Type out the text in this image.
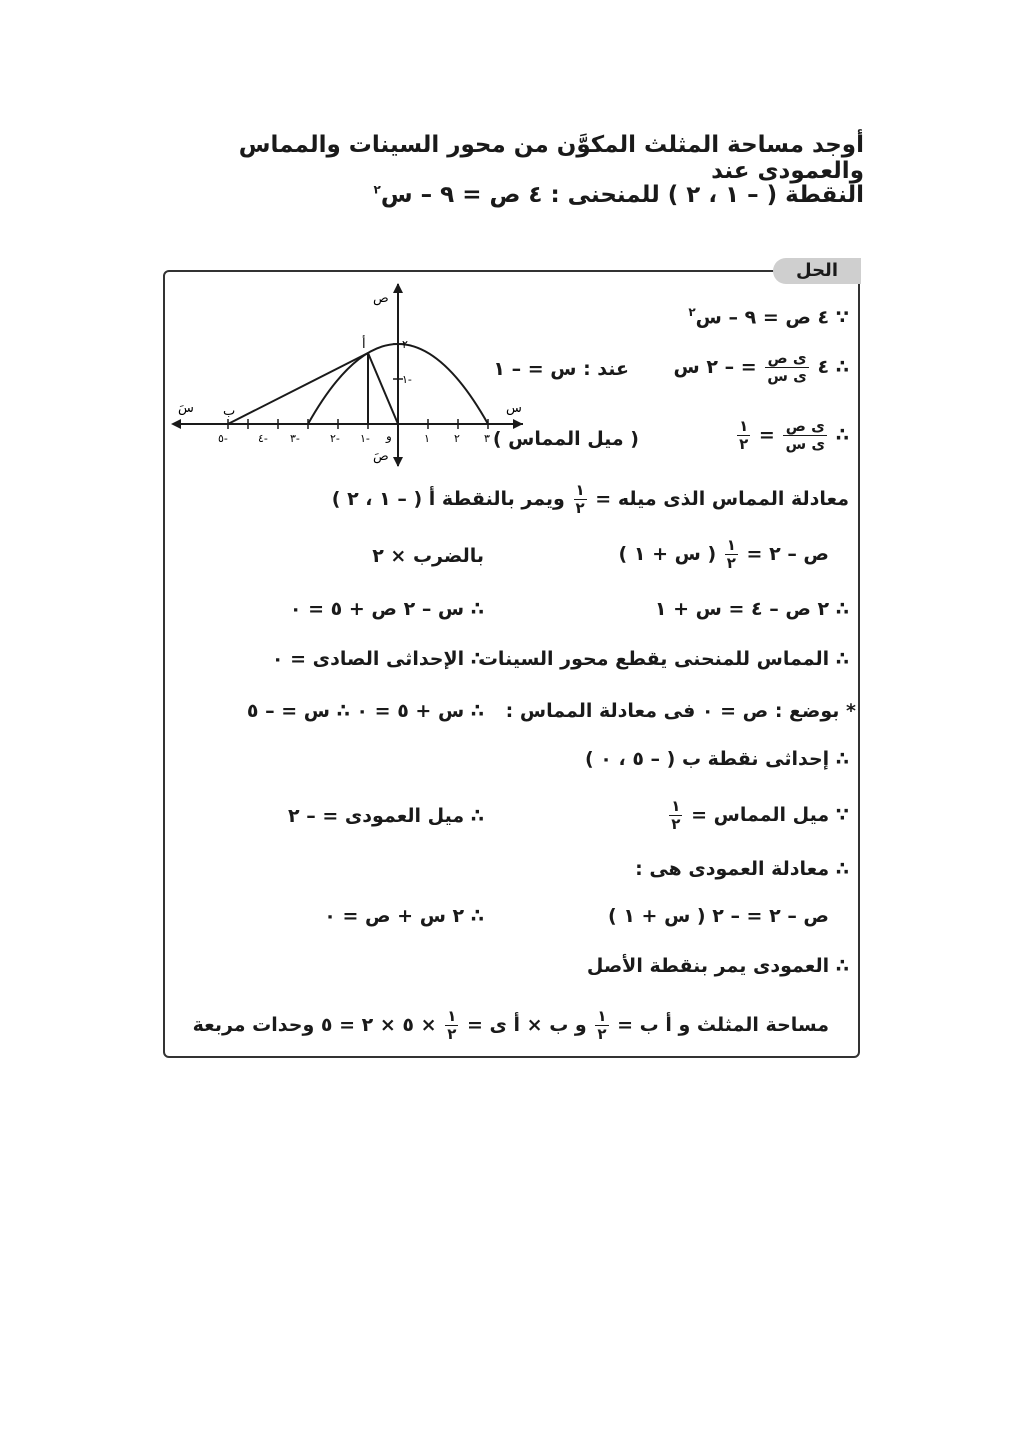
أوجد مساحة المثلث المكوَّن من محور السينات والمماس والعمودى عند
النقطة ( – ١ ، ٢ ) للمنحنى : ٤ ص = ٩ – س$^٢$
الحل
ص
صَ
س
سَ
أ
ب
و	٣
٢
١
١-
٢-
٣-
٤-
٥-
٢-
١-
∵ ٤ ص = ٩ – س$^٢$
∴ ٤
$\frac{\text{ى ص}}{\text{ى س}}$
= – ٢ س
عند : س = – ١
∴
$\frac{\text{ى ص}}{\text{ى س}}$
=
$\frac{١}{٢}$
( ميل المماس )
معادلة المماس الذى ميله =
$\frac{١}{٢}$
ويمر بالنقطة أ ( – ١ ، ٢ )
ص – ٢ =
$\frac{١}{٢}$
( س + ١ )
بالضرب × ٢
∴ ٢ ص – ٤ = س + ١
∴ س – ٢ ص + ٥ = ٠
∴ المماس للمنحنى يقطع محور السينات
∴ الإحداثى الصادى = ٠
* بوضع : ص = ٠ فى معادلة المماس :
∴ س + ٥ = ٠ ∴ س = – ٥
∴ إحداثى نقطة ب ( – ٥ ، ٠ )
∵ ميل المماس =
$\frac{١}{٢}$
∴ ميل العمودى = – ٢
∴ معادلة العمودى هى :
ص – ٢ = – ٢ ( س + ١ )
∴ ٢ س + ص = ٠
∴ العمودى يمر بنقطة الأصل
مساحة المثلث و أ ب =
$\frac{١}{٢}$
و ب × أ ى =
$\frac{١}{٢}$
× ٥ × ٢ = ٥ وحدات مربعة
